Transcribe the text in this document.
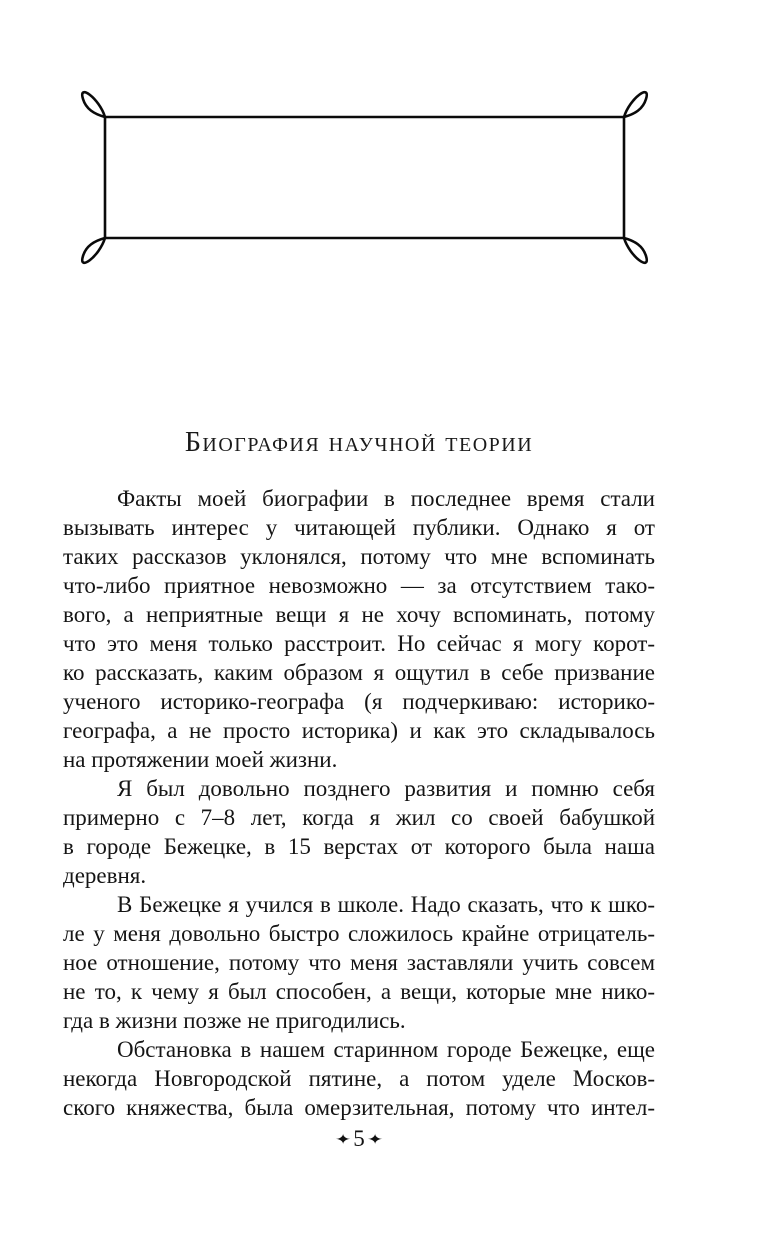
Биография научной теории
Факты моей биографии в последнее время стали
вызывать интерес у читающей публики. Однако я от
таких рассказов уклонялся, потому что мне вспоминать
что-либо приятное невозможно — за отсутствием тако-
вого, а неприятные вещи я не хочу вспоминать, потому
что это меня только расстроит. Но сейчас я могу корот-
ко рассказать, каким образом я ощутил в себе призвание
ученого историко-географа (я подчеркиваю: историко-
географа, а не просто историка) и как это складывалось
на протяжении моей жизни.
Я был довольно позднего развития и помню себя
примерно с 7–8 лет, когда я жил со своей бабушкой
в городе Бежецке, в 15 верстах от которого была наша
деревня.
В Бежецке я учился в школе. Надо сказать, что к шко-
ле у меня довольно быстро сложилось крайне отрицатель-
ное отношение, потому что меня заставляли учить совсем
не то, к чему я был способен, а вещи, которые мне нико-
гда в жизни позже не пригодились.
Обстановка в нашем старинном городе Бежецке, еще
некогда Новгородской пятине, а потом уделе Москов-
ского княжества, была омерзительная, потому что интел-
✦5 ✦
